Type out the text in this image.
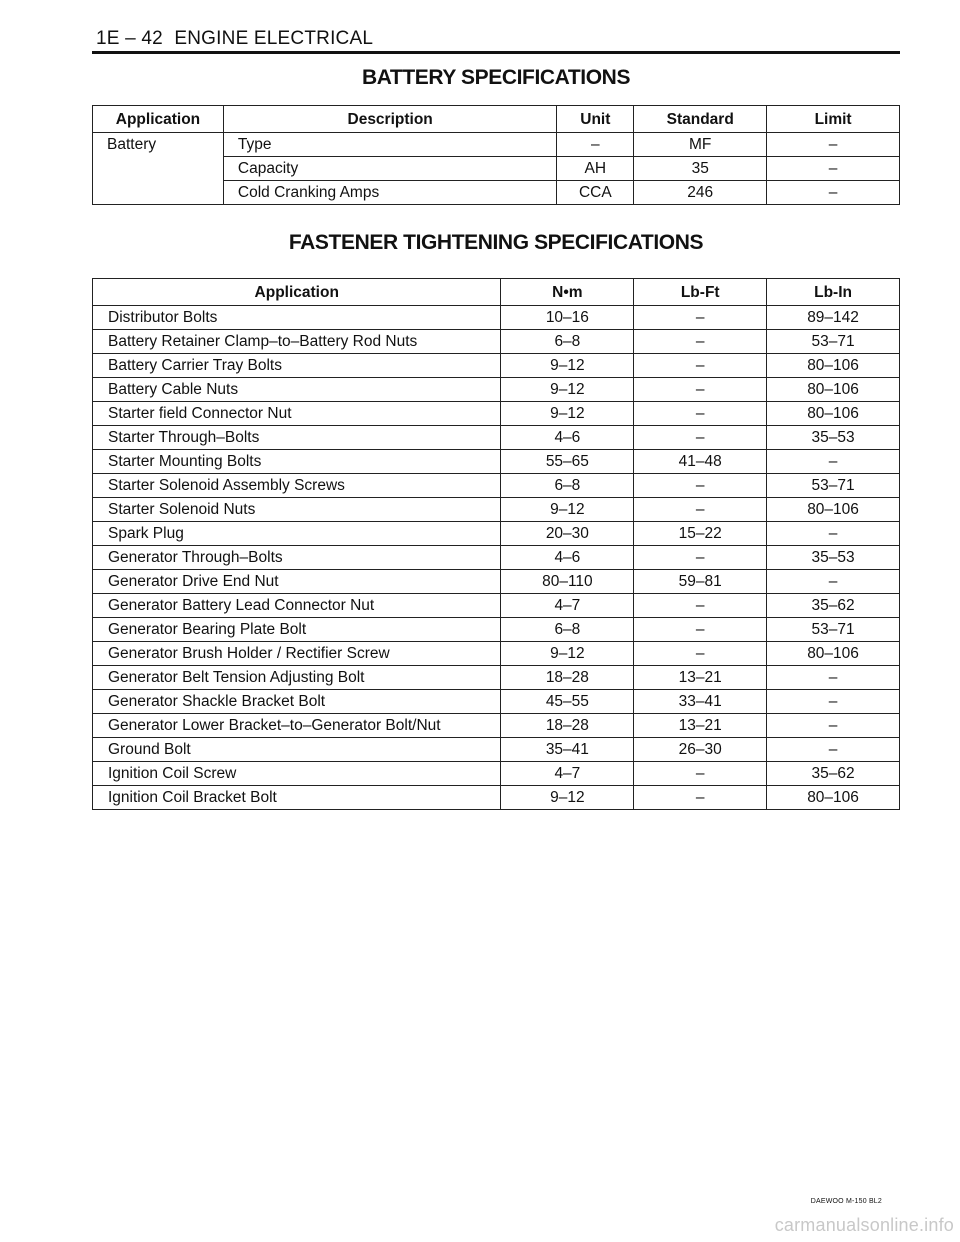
1E – 42 ENGINE ELECTRICAL
BATTERY SPECIFICATIONS
Application	Description	Unit	Standard	Limit
Battery	Type	–	MF	–
	Capacity	AH	35	–
	Cold Cranking Amps	CCA	246	–
FASTENER TIGHTENING SPECIFICATIONS
Application	N•m	Lb-Ft	Lb-In
Distributor Bolts	10–16	–	89–142
Battery Retainer Clamp–to–Battery Rod Nuts	6–8	–	53–71
Battery Carrier Tray Bolts	9–12	–	80–106
Battery Cable Nuts	9–12	–	80–106
Starter field Connector Nut	9–12	–	80–106
Starter Through–Bolts	4–6	–	35–53
Starter Mounting Bolts	55–65	41–48	–
Starter Solenoid Assembly Screws	6–8	–	53–71
Starter Solenoid Nuts	9–12	–	80–106
Spark Plug	20–30	15–22	–
Generator Through–Bolts	4–6	–	35–53
Generator Drive End Nut	80–110	59–81	–
Generator Battery Lead Connector Nut	4–7	–	35–62
Generator Bearing Plate Bolt	6–8	–	53–71
Generator Brush Holder / Rectifier Screw	9–12	–	80–106
Generator Belt Tension Adjusting Bolt	18–28	13–21	–
Generator Shackle Bracket Bolt	45–55	33–41	–
Generator Lower Bracket–to–Generator Bolt/Nut	18–28	13–21	–
Ground Bolt	35–41	26–30	–
Ignition Coil Screw	4–7	–	35–62
Ignition Coil Bracket Bolt	9–12	–	80–106
DAEWOO M-150 BL2
carmanualsonline.info
